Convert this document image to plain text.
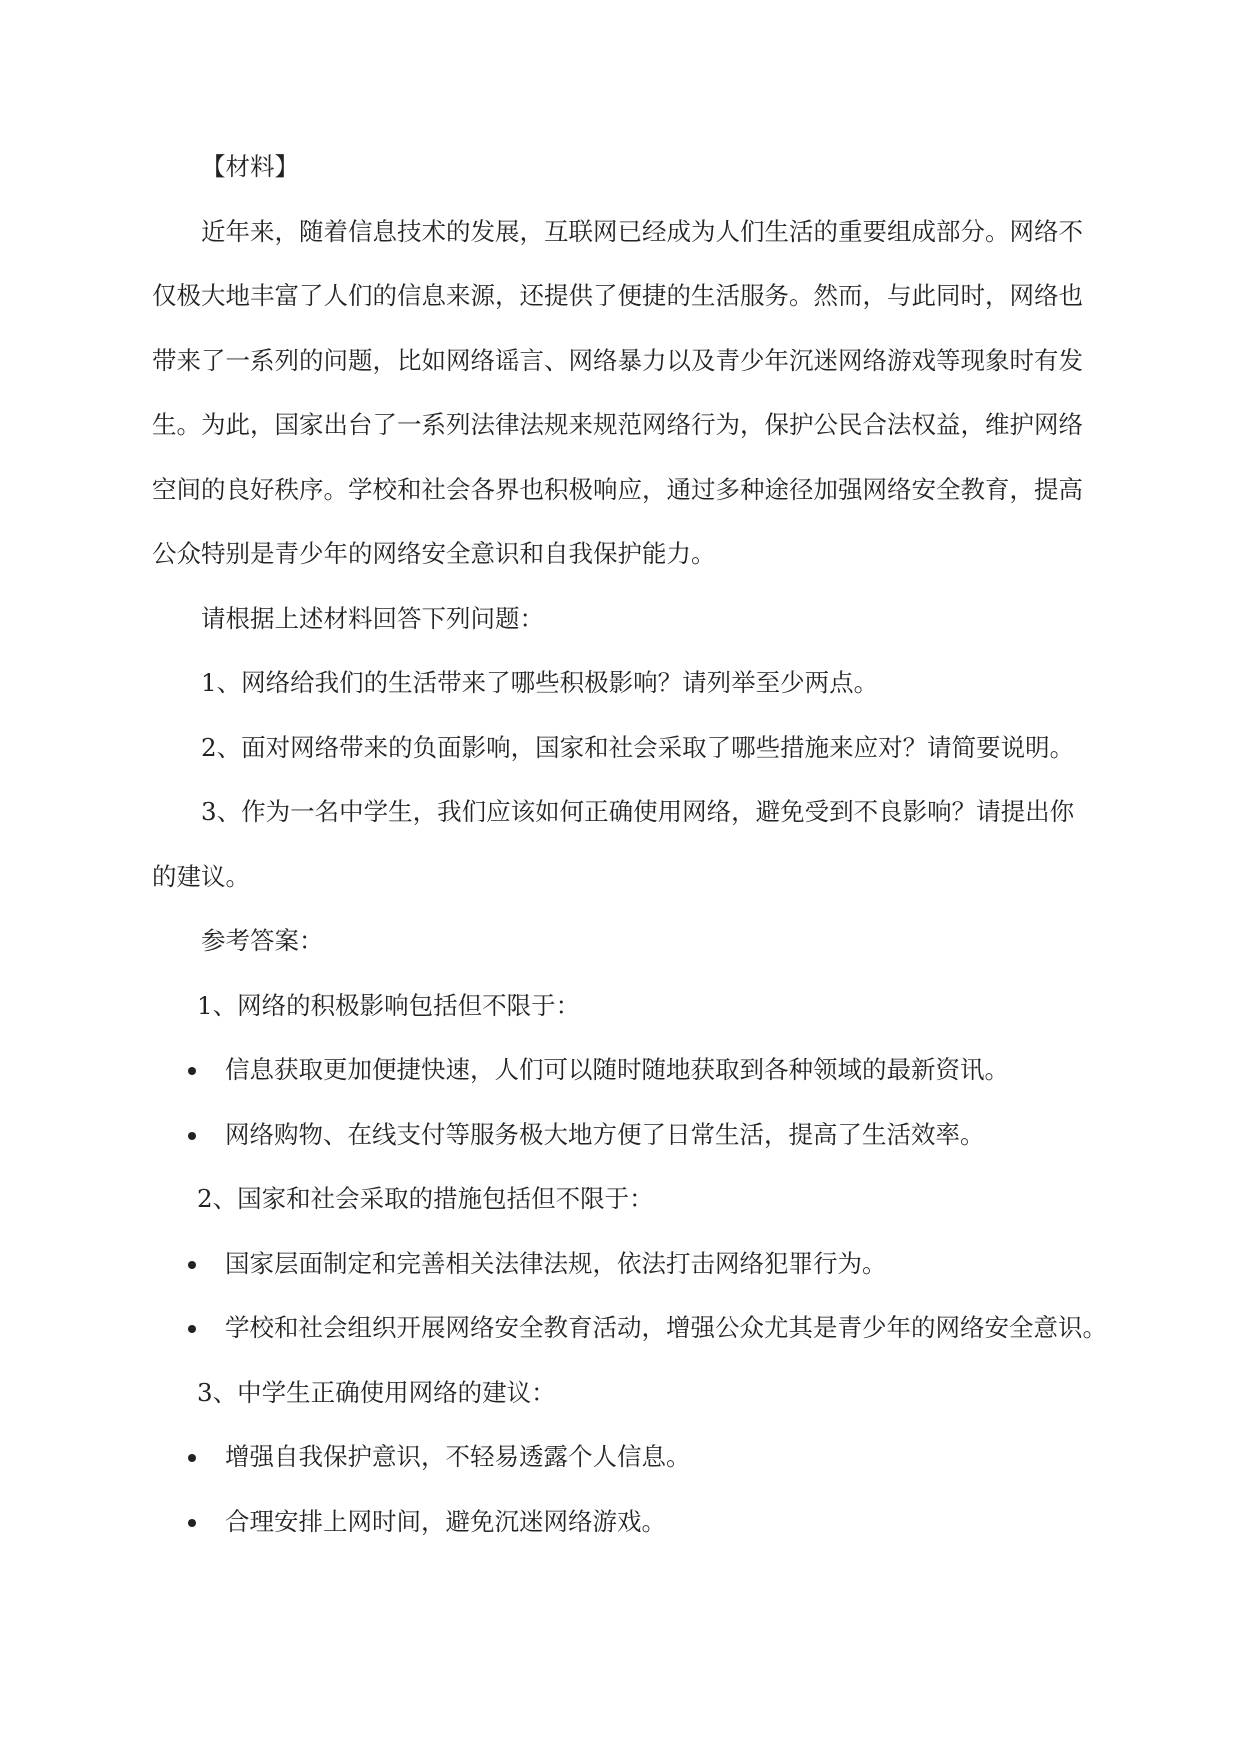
【材料】
近年来，随着信息技术的发展，互联网已经成为人们生活的重要组成部分。网络不
仅极大地丰富了人们的信息来源，还提供了便捷的生活服务。然而，与此同时，网络也
带来了一系列的问题，比如网络谣言、网络暴力以及青少年沉迷网络游戏等现象时有发
生。为此，国家出台了一系列法律法规来规范网络行为，保护公民合法权益，维护网络
空间的良好秩序。学校和社会各界也积极响应，通过多种途径加强网络安全教育，提高
公众特别是青少年的网络安全意识和自我保护能力。
请根据上述材料回答下列问题：
1、网络给我们的生活带来了哪些积极影响？请列举至少两点。
2、面对网络带来的负面影响，国家和社会采取了哪些措施来应对？请简要说明。
3、作为一名中学生，我们应该如何正确使用网络，避免受到不良影响？请提出你
的建议。
参考答案：
1、网络的积极影响包括但不限于：
信息获取更加便捷快速，人们可以随时随地获取到各种领域的最新资讯。
网络购物、在线支付等服务极大地方便了日常生活，提高了生活效率。
2、国家和社会采取的措施包括但不限于：
国家层面制定和完善相关法律法规，依法打击网络犯罪行为。
学校和社会组织开展网络安全教育活动，增强公众尤其是青少年的网络安全意识。
3、中学生正确使用网络的建议：
增强自我保护意识，不轻易透露个人信息。
合理安排上网时间，避免沉迷网络游戏。
